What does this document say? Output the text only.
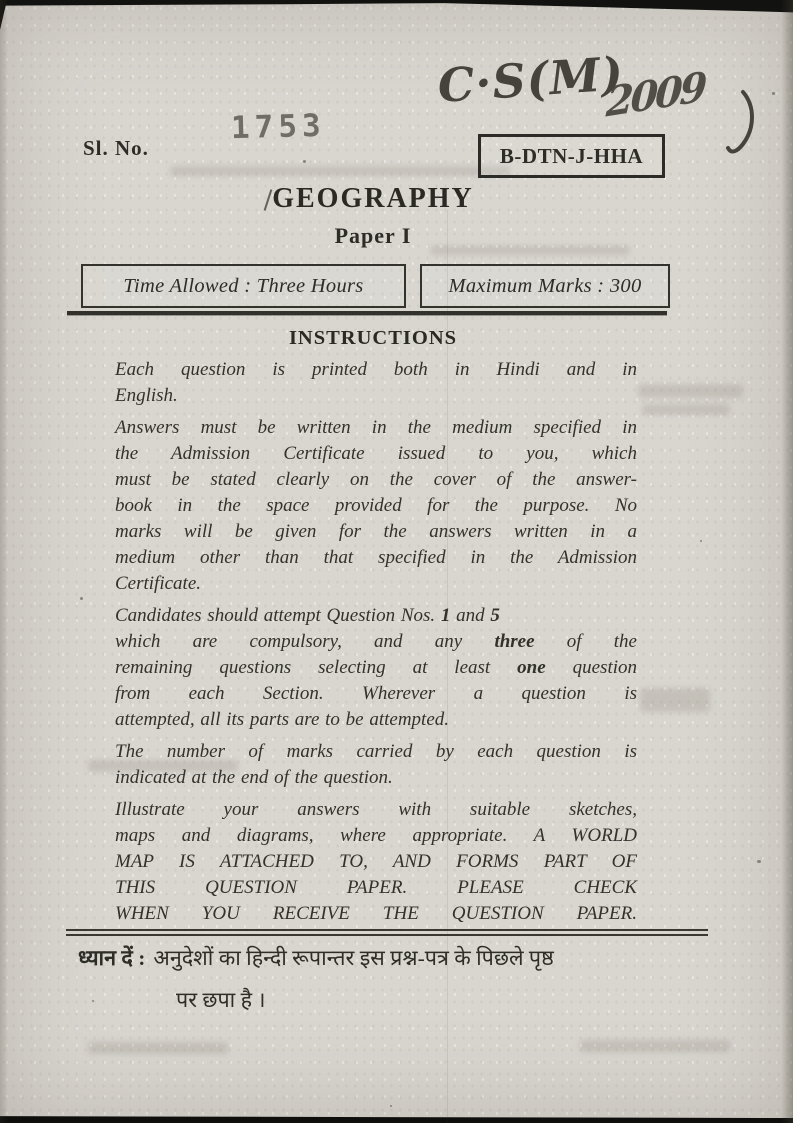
C·S(M)
2009
Sl. No.
1753
B-DTN-J-HHA
GEOGRAPHY
Paper I
Time Allowed : Three Hours	Maximum Marks : 300
INSTRUCTIONS
Each question is printed both in Hindi and in
English.
Answers must be written in the medium specified in
the Admission Certificate issued to you, which
must be stated clearly on the cover of the answer-
book in the space provided for the purpose. No
marks will be given for the answers written in a
medium other than that specified in the Admission
Certificate.
Candidates should attempt Question Nos. 1 and 5
which are compulsory, and any three of the
remaining questions selecting at least one question
from each Section. Wherever a question is
attempted, all its parts are to be attempted.
The number of marks carried by each question is
indicated at the end of the question.
Illustrate your answers with suitable sketches,
maps and diagrams, where appropriate. A WORLD
MAP IS ATTACHED TO, AND FORMS PART OF
THIS QUESTION PAPER. PLEASE CHECK
WHEN YOU RECEIVE THE QUESTION PAPER.
ध्यान दें : अनुदेशों का हिन्दी रूपान्तर इस प्रश्न-पत्र के पिछले पृष्ठ
पर छपा है ।
